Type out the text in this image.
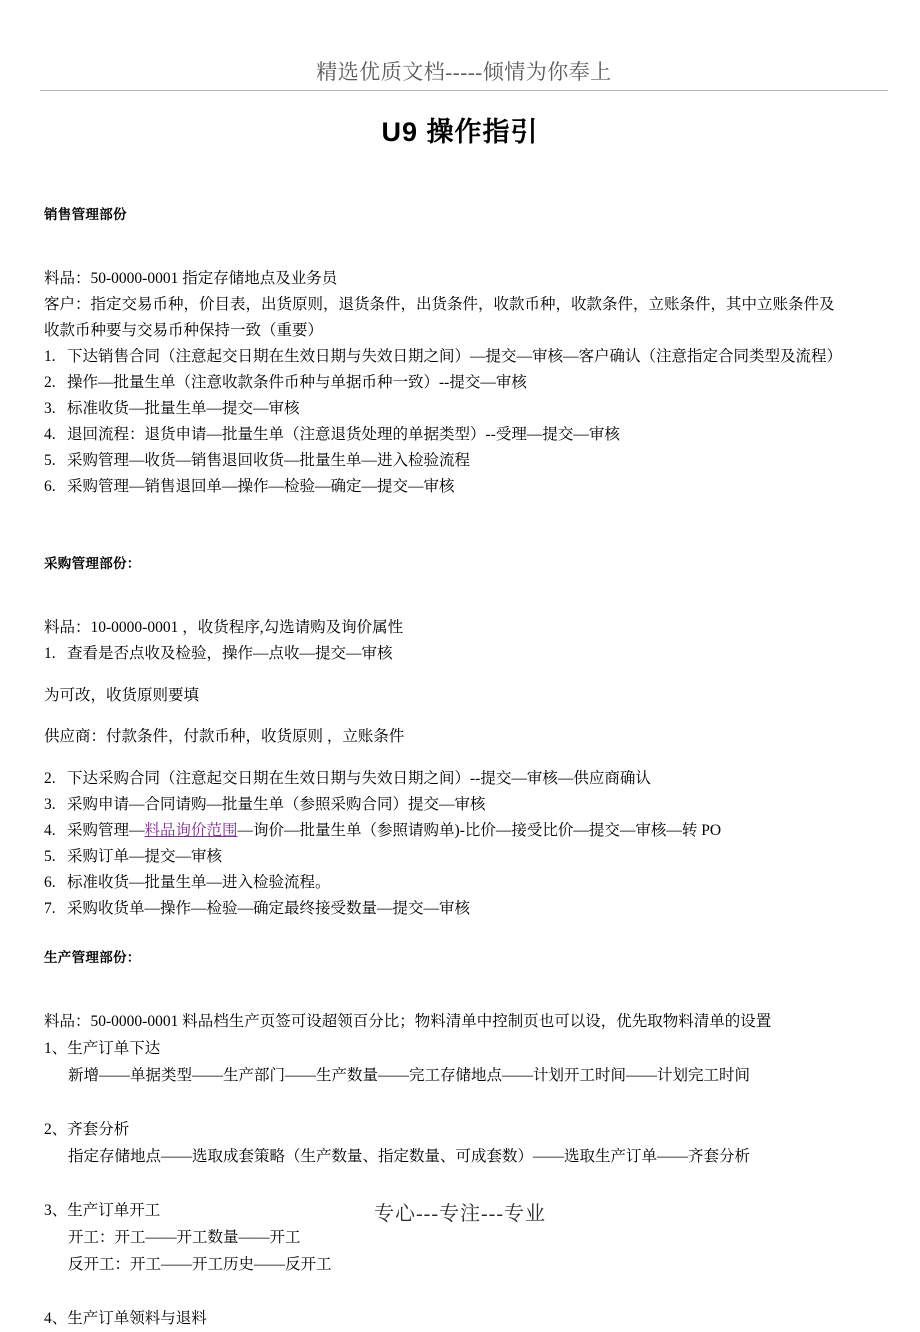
精选优质文档-----倾情为你奉上
U9 操作指引
销售管理部份

料品：50-0000-0001 指定存储地点及业务员

客户：指定交易币种，价目表，出货原则，退货条件，出货条件，收款币种，收款条件，立账条件，其中立账条件及

收款币种要与交易币种保持一致（重要）

1. 下达销售合同（注意起交日期在生效日期与失效日期之间）—提交—审核—客户确认（注意指定合同类型及流程）
2. 操作—批量生单（注意收款条件币种与单据币种一致）--提交—审核
3. 标准收货—批量生单—提交—审核
4. 退回流程：退货申请—批量生单（注意退货处理的单据类型）--受理—提交—审核
5. 采购管理—收货—销售退回收货—批量生单—进入检验流程
6. 采购管理—销售退回单—操作—检验—确定—提交—审核
采购管理部份：

料品：10-0000-0001 ，收货程序,勾选请购及询价属性

1. 查看是否点收及检验，操作—点收—提交—审核

为可改，收货原则要填

供应商：付款条件，付款币种，收货原则 ，立账条件

2. 下达采购合同（注意起交日期在生效日期与失效日期之间）--提交—审核—供应商确认
3. 采购申请—合同请购—批量生单（参照采购合同）提交—审核
4. 采购管理—料品询价范围—询价—批量生单（参照请购单)-比价—接受比价—提交—审核—转 PO
5. 采购订单—提交—审核
6. 标准收货—批量生单—进入检验流程。
7. 采购收货单—操作—检验—确定最终接受数量—提交—审核
生产管理部份：

料品：50-0000-0001 料品档生产页签可设超领百分比；物料清单中控制页也可以设，优先取物料清单的设置

1、生产订单下达
新增——单据类型——生产部门——生产数量——完工存储地点——计划开工时间——计划完工时间
2、齐套分析
指定存储地点——选取成套策略（生产数量、指定数量、可成套数）——选取生产订单——齐套分析
3、生产订单开工
开工：开工——开工数量——开工
反开工：开工——开工历史——反开工
4、生产订单领料与退料
专心---专注---专业
